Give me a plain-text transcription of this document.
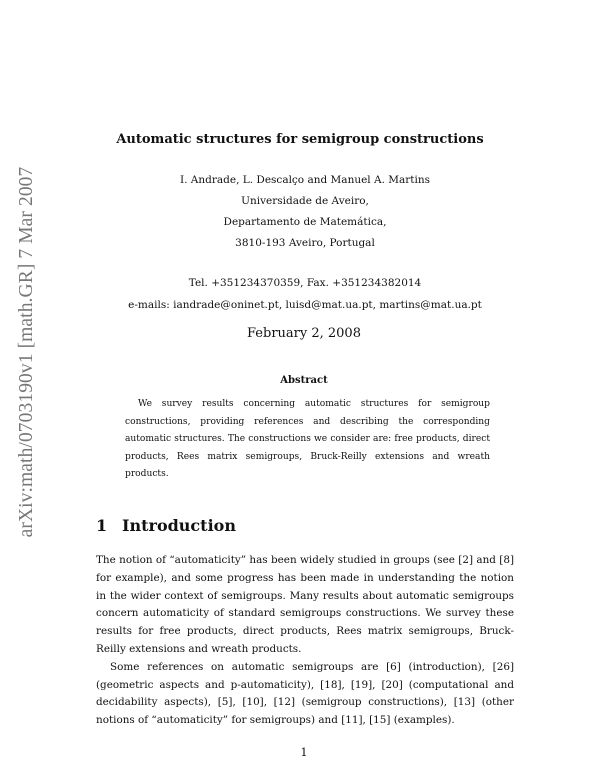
arXiv:math/0703190v1 [math.GR] 7 Mar 2007
Automatic structures for semigroup constructions
I. Andrade, L. Descalço and Manuel A. Martins
Universidade de Aveiro,
Departamento de Matemática,
3810-193 Aveiro, Portugal
Tel. +351234370359, Fax. +351234382014
e-mails: iandrade@oninet.pt, luisd@mat.ua.pt, martins@mat.ua.pt
February 2, 2008
Abstract

We survey results concerning automatic structures for semigroup constructions, providing references and describing the corresponding automatic structures. The constructions we consider are: free products, direct products, Rees matrix semigroups, Bruck-Reilly extensions and wreath products.

1 Introduction

The notion of “automaticity” has been widely studied in groups (see [2] and [8] for example), and some progress has been made in understanding the notion in the wider context of semigroups. Many results about automatic semigroups concern automaticity of standard semigroups constructions. We survey these results for free products, direct products, Rees matrix semigroups, Bruck-Reilly extensions and wreath products.

Some references on automatic semigroups are [6] (introduction), [26] (geometric aspects and p-automaticity), [18], [19], [20] (computational and decidability aspects), [5], [10], [12] (semigroup constructions), [13] (other notions of “automaticity” for semigroups) and [11], [15] (examples).

1
